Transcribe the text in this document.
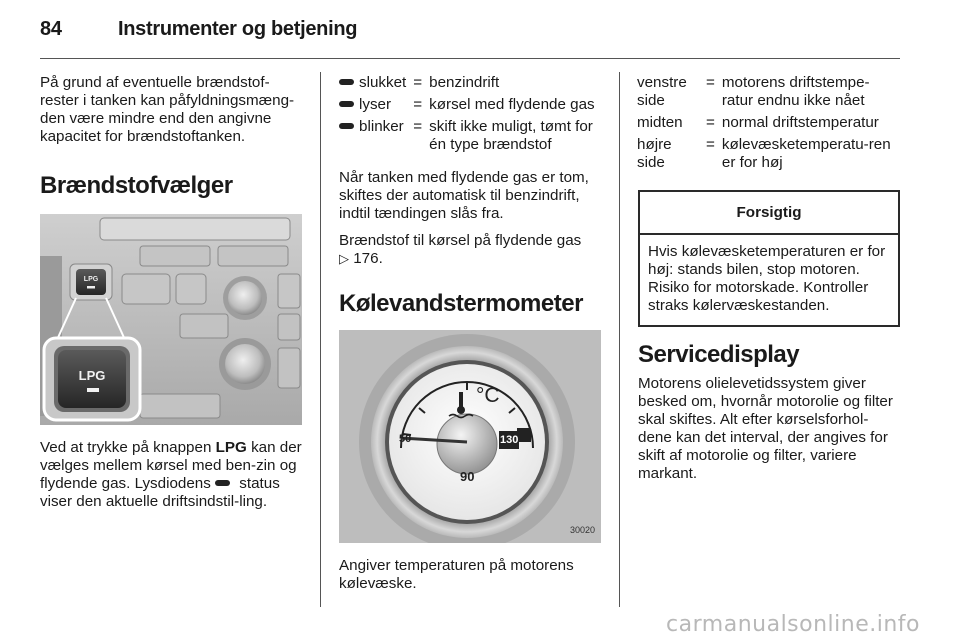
84	Instrumenter og betjening

På grund af eventuelle brændstof-rester i tanken kan påfyldningsmæng-den være mindre end den angivne kapacitet for brændstoftanken.

Brændstofvælger
LPG
LPG

Ved at trykke på knappen LPG kan der vælges mellem kørsel med ben-zin og flydende gas. Lysdiodens  status viser den aktuelle driftsindstil-ling.

slukket	=	benzindrift
lyser	=	kørsel med flydende gas
blinker	=	skift ikke muligt, tømt for én type brændstof

Når tanken med flydende gas er tom, skiftes der automatisk til benzindrift, indtil tændingen slås fra.

Brændstof til kørsel på flydende gas
▷ 176.

Kølevandstermometer
°C
50	130
90
30020

Angiver temperaturen på motorens kølevæske.

venstre side	=	motorens driftstempe-ratur endnu ikke nået
midten	=	normal driftstemperatur
højre side	=	kølevæsketemperatu-ren er for høj
Forsigtig
Hvis kølevæsketemperaturen er for høj: stands bilen, stop motoren. Risiko for motorskade. Kontroller straks kølervæskestanden.
Servicedisplay

Motorens olielevetidssystem giver besked om, hvornår motorolie og filter skal skiftes. Alt efter kørselsforhol-dene kan det interval, der angives for skift af motorolie og filter, variere markant.

carmanualsonline.info
